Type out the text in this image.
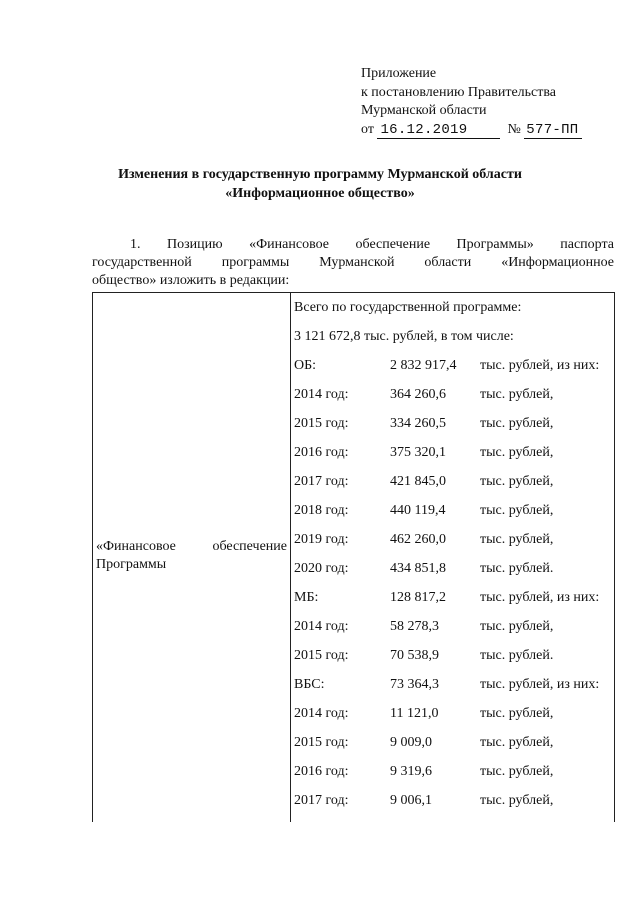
Приложение
к постановлению Правительства
Мурманской области
от 16.12.2019	№ 577-ПП
Изменения в государственную программу Мурманской области
«Информационное общество»
1. Позицию «Финансовое обеспечение Программы» паспорта
государственной программы Мурманской области «Информационное
общество» изложить в редакции:
«Финансовое	обеспечение
Программы
Всего по государственной программе:
3 121 672,8 тыс. рублей, в том числе:
ОБ:	2 832 917,4	тыс. рублей, из них:
2014 год:	364 260,6	тыс. рублей,
2015 год:	334 260,5	тыс. рублей,
2016 год:	375 320,1	тыс. рублей,
2017 год:	421 845,0	тыс. рублей,
2018 год:	440 119,4	тыс. рублей,
2019 год:	462 260,0	тыс. рублей,
2020 год:	434 851,8	тыс. рублей.
МБ:	128 817,2	тыс. рублей, из них:
2014 год:	58 278,3	тыс. рублей,
2015 год:	70 538,9	тыс. рублей.
ВБС:	73 364,3	тыс. рублей, из них:
2014 год:	11 121,0	тыс. рублей,
2015 год:	9 009,0	тыс. рублей,
2016 год:	9 319,6	тыс. рублей,
2017 год:	9 006,1	тыс. рублей,
